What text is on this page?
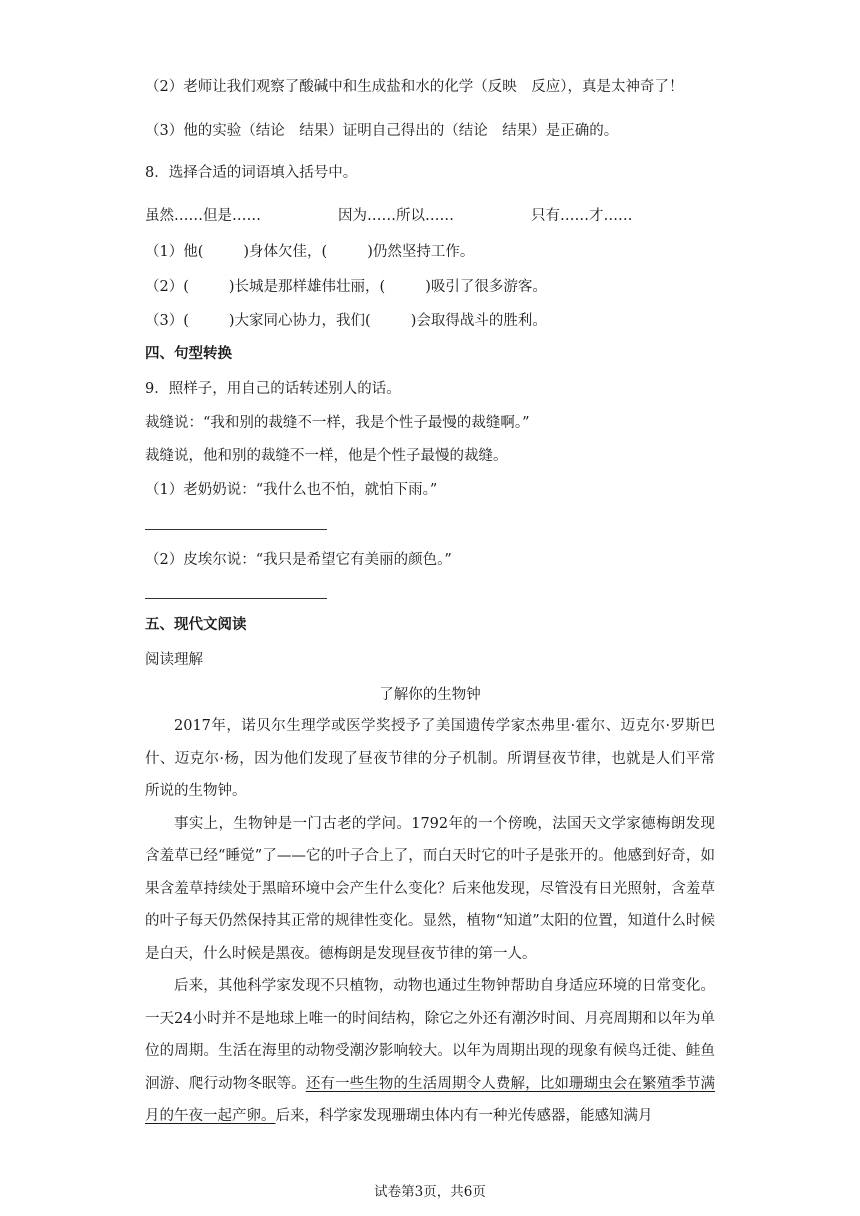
（2）老师让我们观察了酸碱中和生成盐和水的化学（反映　反应），真是太神奇了！
（3）他的实验（结论　结果）证明自己得出的（结论　结果）是正确的。
8．选择合适的词语填入括号中。
虽然……但是……	因为……所以……	只有……才……
（1）他(	)身体欠佳，(	)仍然坚持工作。
（2）(	)长城是那样雄伟壮丽，(	)吸引了很多游客。
（3）(	)大家同心协力，我们(	)会取得战斗的胜利。
四、句型转换
9．照样子，用自己的话转述别人的话。
裁缝说：“我和别的裁缝不一样，我是个性子最慢的裁缝啊。”
裁缝说，他和别的裁缝不一样，他是个性子最慢的裁缝。
（1）老奶奶说：“我什么也不怕，就怕下雨。”
（2）皮埃尔说：“我只是希望它有美丽的颜色。”
五、现代文阅读
阅读理解
了解你的生物钟

2017年，诺贝尔生理学或医学奖授予了美国遗传学家杰弗里·霍尔、迈克尔·罗斯巴什、迈克尔·杨，因为他们发现了昼夜节律的分子机制。所谓昼夜节律，也就是人们平常所说的生物钟。

事实上，生物钟是一门古老的学问。1792年的一个傍晚，法国天文学家德梅朗发现含羞草已经“睡觉”了——它的叶子合上了，而白天时它的叶子是张开的。他感到好奇，如果含羞草持续处于黑暗环境中会产生什么变化？后来他发现，尽管没有日光照射，含羞草的叶子每天仍然保持其正常的规律性变化。显然，植物“知道”太阳的位置，知道什么时候是白天，什么时候是黑夜。德梅朗是发现昼夜节律的第一人。

后来，其他科学家发现不只植物，动物也通过生物钟帮助自身适应环境的日常变化。一天24小时并不是地球上唯一的时间结构，除它之外还有潮汐时间、月亮周期和以年为单位的周期。生活在海里的动物受潮汐影响较大。以年为周期出现的现象有候鸟迁徙、鲑鱼洄游、爬行动物冬眠等。还有一些生物的生活周期令人费解，比如珊瑚虫会在繁殖季节满月的午夜一起产卵。后来，科学家发现珊瑚虫体内有一种光传感器，能感知满月

试卷第3页，共6页
